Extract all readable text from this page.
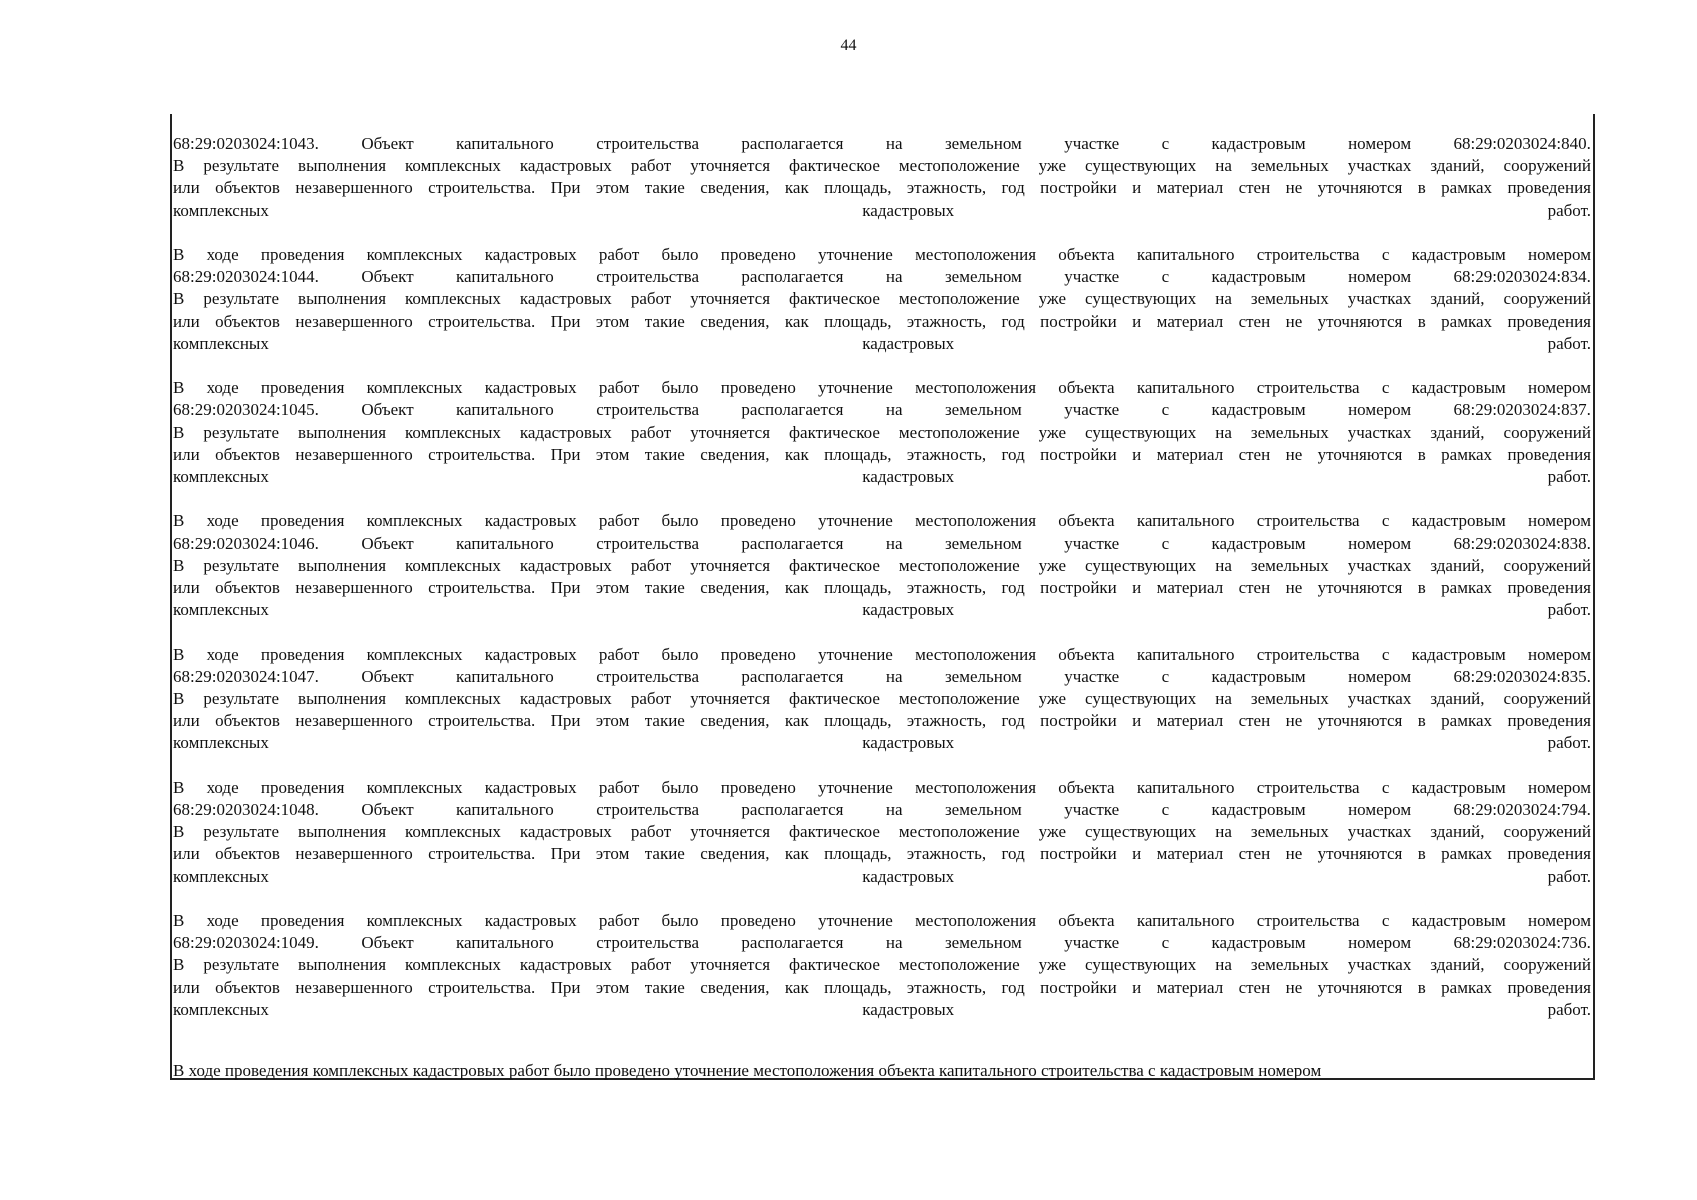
44
68:29:0203024:1043. Объект капитального строительства располагается на земельном участке с кадастровым номером 68:29:0203024:840.

В результате выполнения комплексных кадастровых работ уточняется фактическое местоположение уже существующих на земельных участках зданий, сооружений

или объектов незавершенного строительства. При этом такие сведения, как площадь, этажность, год постройки и материал стен не уточняются в рамках проведения

комплексных	кадастровых	работ.

В ходе проведения комплексных кадастровых работ было проведено уточнение местоположения объекта капитального строительства с кадастровым номером

68:29:0203024:1044. Объект капитального строительства располагается на земельном участке с кадастровым номером 68:29:0203024:834.

В результате выполнения комплексных кадастровых работ уточняется фактическое местоположение уже существующих на земельных участках зданий, сооружений

или объектов незавершенного строительства. При этом такие сведения, как площадь, этажность, год постройки и материал стен не уточняются в рамках проведения

комплексных	кадастровых	работ.

В ходе проведения комплексных кадастровых работ было проведено уточнение местоположения объекта капитального строительства с кадастровым номером

68:29:0203024:1045. Объект капитального строительства располагается на земельном участке с кадастровым номером 68:29:0203024:837.

В результате выполнения комплексных кадастровых работ уточняется фактическое местоположение уже существующих на земельных участках зданий, сооружений

или объектов незавершенного строительства. При этом такие сведения, как площадь, этажность, год постройки и материал стен не уточняются в рамках проведения

комплексных	кадастровых	работ.

В ходе проведения комплексных кадастровых работ было проведено уточнение местоположения объекта капитального строительства с кадастровым номером

68:29:0203024:1046. Объект капитального строительства располагается на земельном участке с кадастровым номером 68:29:0203024:838.

В результате выполнения комплексных кадастровых работ уточняется фактическое местоположение уже существующих на земельных участках зданий, сооружений

или объектов незавершенного строительства. При этом такие сведения, как площадь, этажность, год постройки и материал стен не уточняются в рамках проведения

комплексных	кадастровых	работ.

В ходе проведения комплексных кадастровых работ было проведено уточнение местоположения объекта капитального строительства с кадастровым номером

68:29:0203024:1047. Объект капитального строительства располагается на земельном участке с кадастровым номером 68:29:0203024:835.

В результате выполнения комплексных кадастровых работ уточняется фактическое местоположение уже существующих на земельных участках зданий, сооружений

или объектов незавершенного строительства. При этом такие сведения, как площадь, этажность, год постройки и материал стен не уточняются в рамках проведения

комплексных	кадастровых	работ.

В ходе проведения комплексных кадастровых работ было проведено уточнение местоположения объекта капитального строительства с кадастровым номером

68:29:0203024:1048. Объект капитального строительства располагается на земельном участке с кадастровым номером 68:29:0203024:794.

В результате выполнения комплексных кадастровых работ уточняется фактическое местоположение уже существующих на земельных участках зданий, сооружений

или объектов незавершенного строительства. При этом такие сведения, как площадь, этажность, год постройки и материал стен не уточняются в рамках проведения

комплексных	кадастровых	работ.

В ходе проведения комплексных кадастровых работ было проведено уточнение местоположения объекта капитального строительства с кадастровым номером

68:29:0203024:1049. Объект капитального строительства располагается на земельном участке с кадастровым номером 68:29:0203024:736.

В результате выполнения комплексных кадастровых работ уточняется фактическое местоположение уже существующих на земельных участках зданий, сооружений

или объектов незавершенного строительства. При этом такие сведения, как площадь, этажность, год постройки и материал стен не уточняются в рамках проведения

комплексных	кадастровых	работ.

В ходе проведения комплексных кадастровых работ было проведено уточнение местоположения объекта капитального строительства с кадастровым номером
